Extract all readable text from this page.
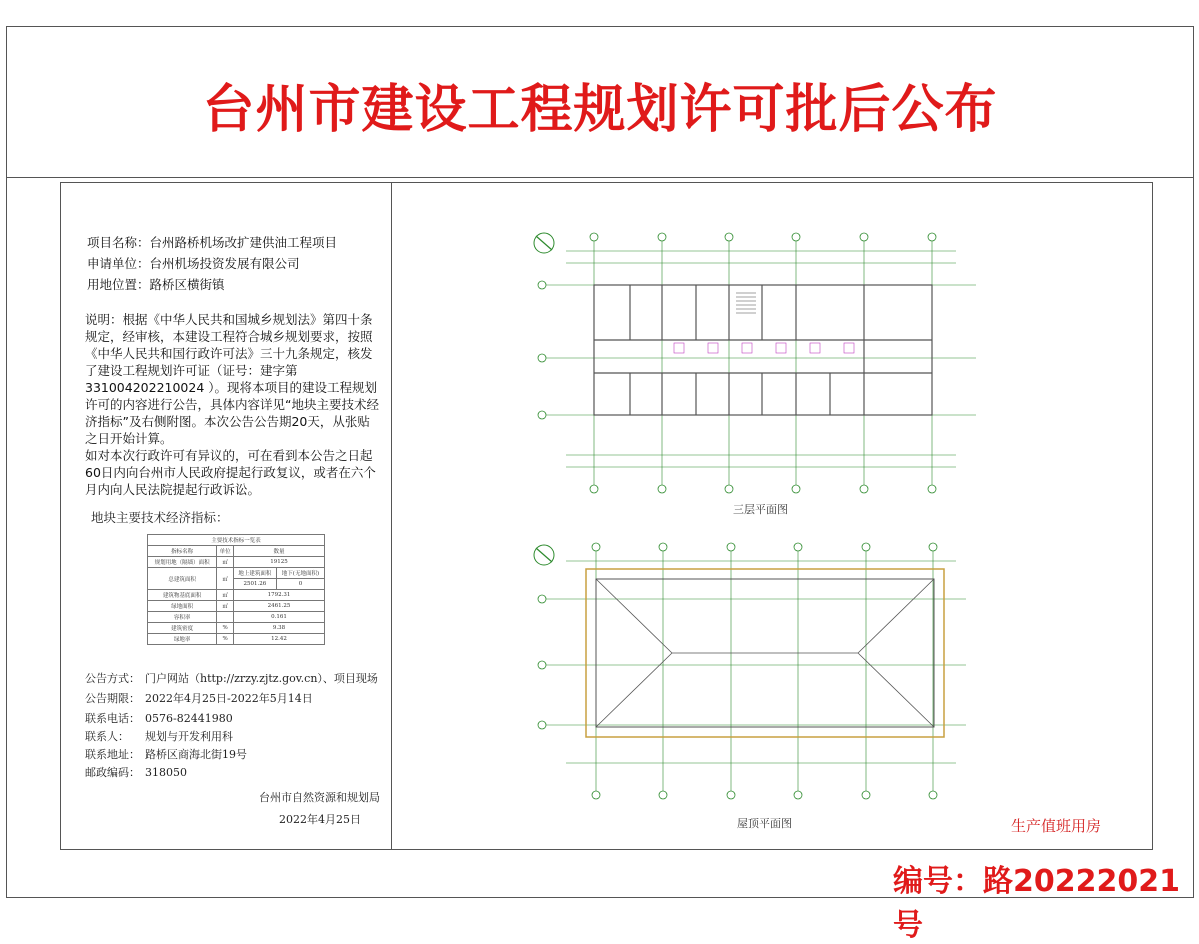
台州市建设工程规划许可批后公布
项目名称：台州路桥机场改扩建供油工程项目
申请单位：台州机场投资发展有限公司
用地位置：路桥区横街镇

说明：根据《中华人民共和国城乡规划法》第四十条规定，经审核，本建设工程符合城乡规划要求，按照《中华人民共和国行政许可法》三十九条规定，核发了建设工程规划许可证（证号：建字第331004202210024 ）。现将本项目的建设工程规划许可的内容进行公告，具体内容详见“地块主要技术经济指标”及右侧附图。本次公告公告期20天，从张贴之日开始计算。

如对本次行政许可有异议的，可在看到本公告之日起60日内向台州市人民政府提起行政复议，或者在六个月内向人民法院提起行政诉讼。

地块主要技术经济指标：
主要技术指标一览表			
指标名称	单位	数量	
规划用地（隔墙）面积	㎡	19125	
总建筑面积	㎡	地上建筑面积	地下(无地面积)
		2501.26	0
建筑物基底面积	㎡	1792.31	
绿地面积	㎡	2461.25	
容积率		0.161	
建筑密度	%	9.38	
绿地率	%	12.42	
公告方式： 门户网站（http://zrzy.zjtz.gov.cn）、项目现场
公告期限： 2022年4月25日-2022年5月14日
联系电话： 0576-82441980
联系人： 规划与开发利用科
联系地址： 路桥区商海北街19号
邮政编码： 318050
台州市自然资源和规划局
2022年4月25日
三层平面图
屋顶平面图	生产值班用房
编号：路20222021号
